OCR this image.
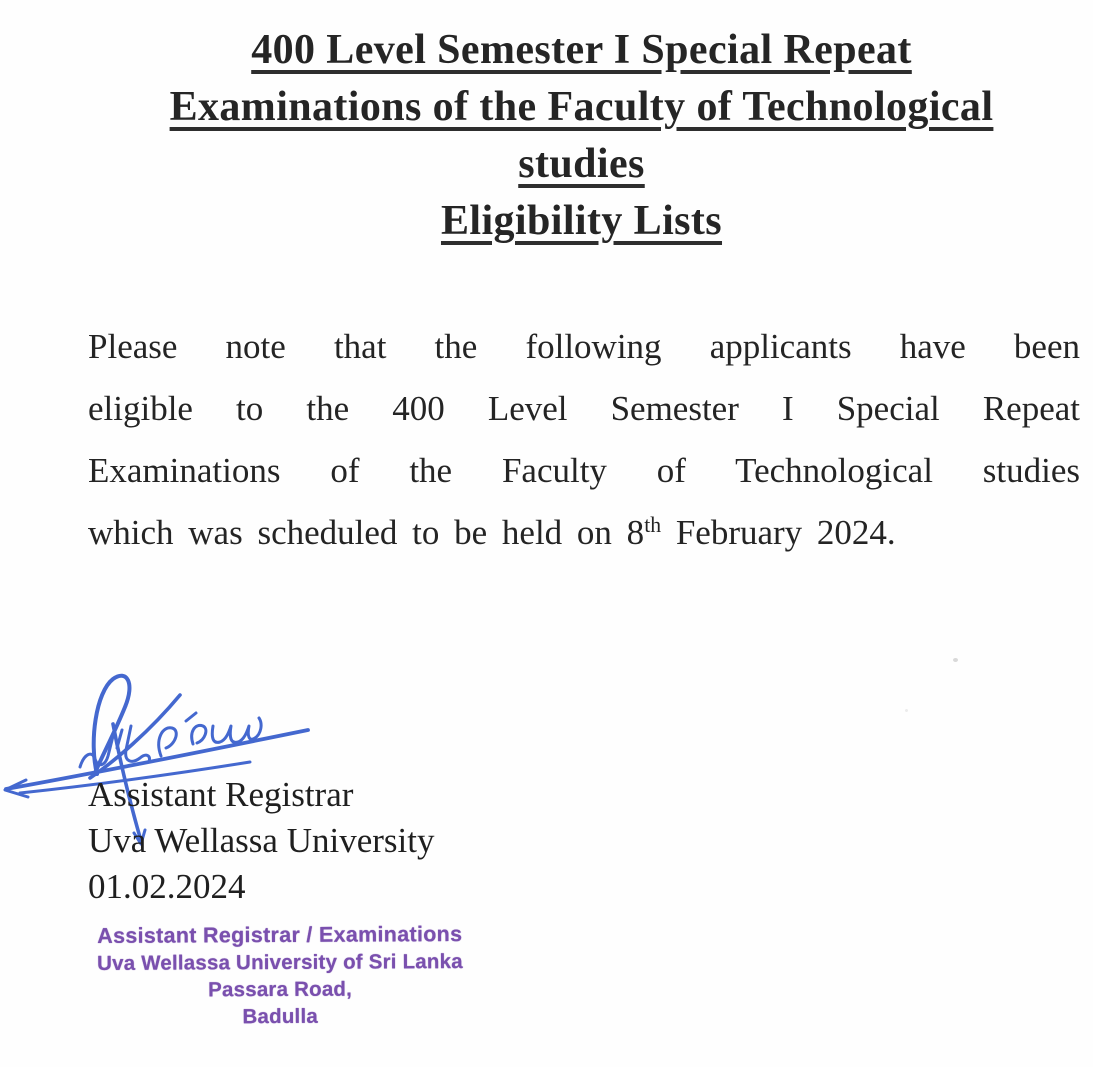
400 Level Semester I Special Repeat
Examinations of the Faculty of Technological
studies
Eligibility Lists
Please note that the following applicants have been
eligible to the 400 Level Semester I Special Repeat
Examinations of the Faculty of Technological studies
which was scheduled to be held on 8th February 2024.
Assistant Registrar
Uva Wellassa University
01.02.2024
Assistant Registrar / Examinations
Uva Wellassa University of Sri Lanka
Passara Road,
Badulla
